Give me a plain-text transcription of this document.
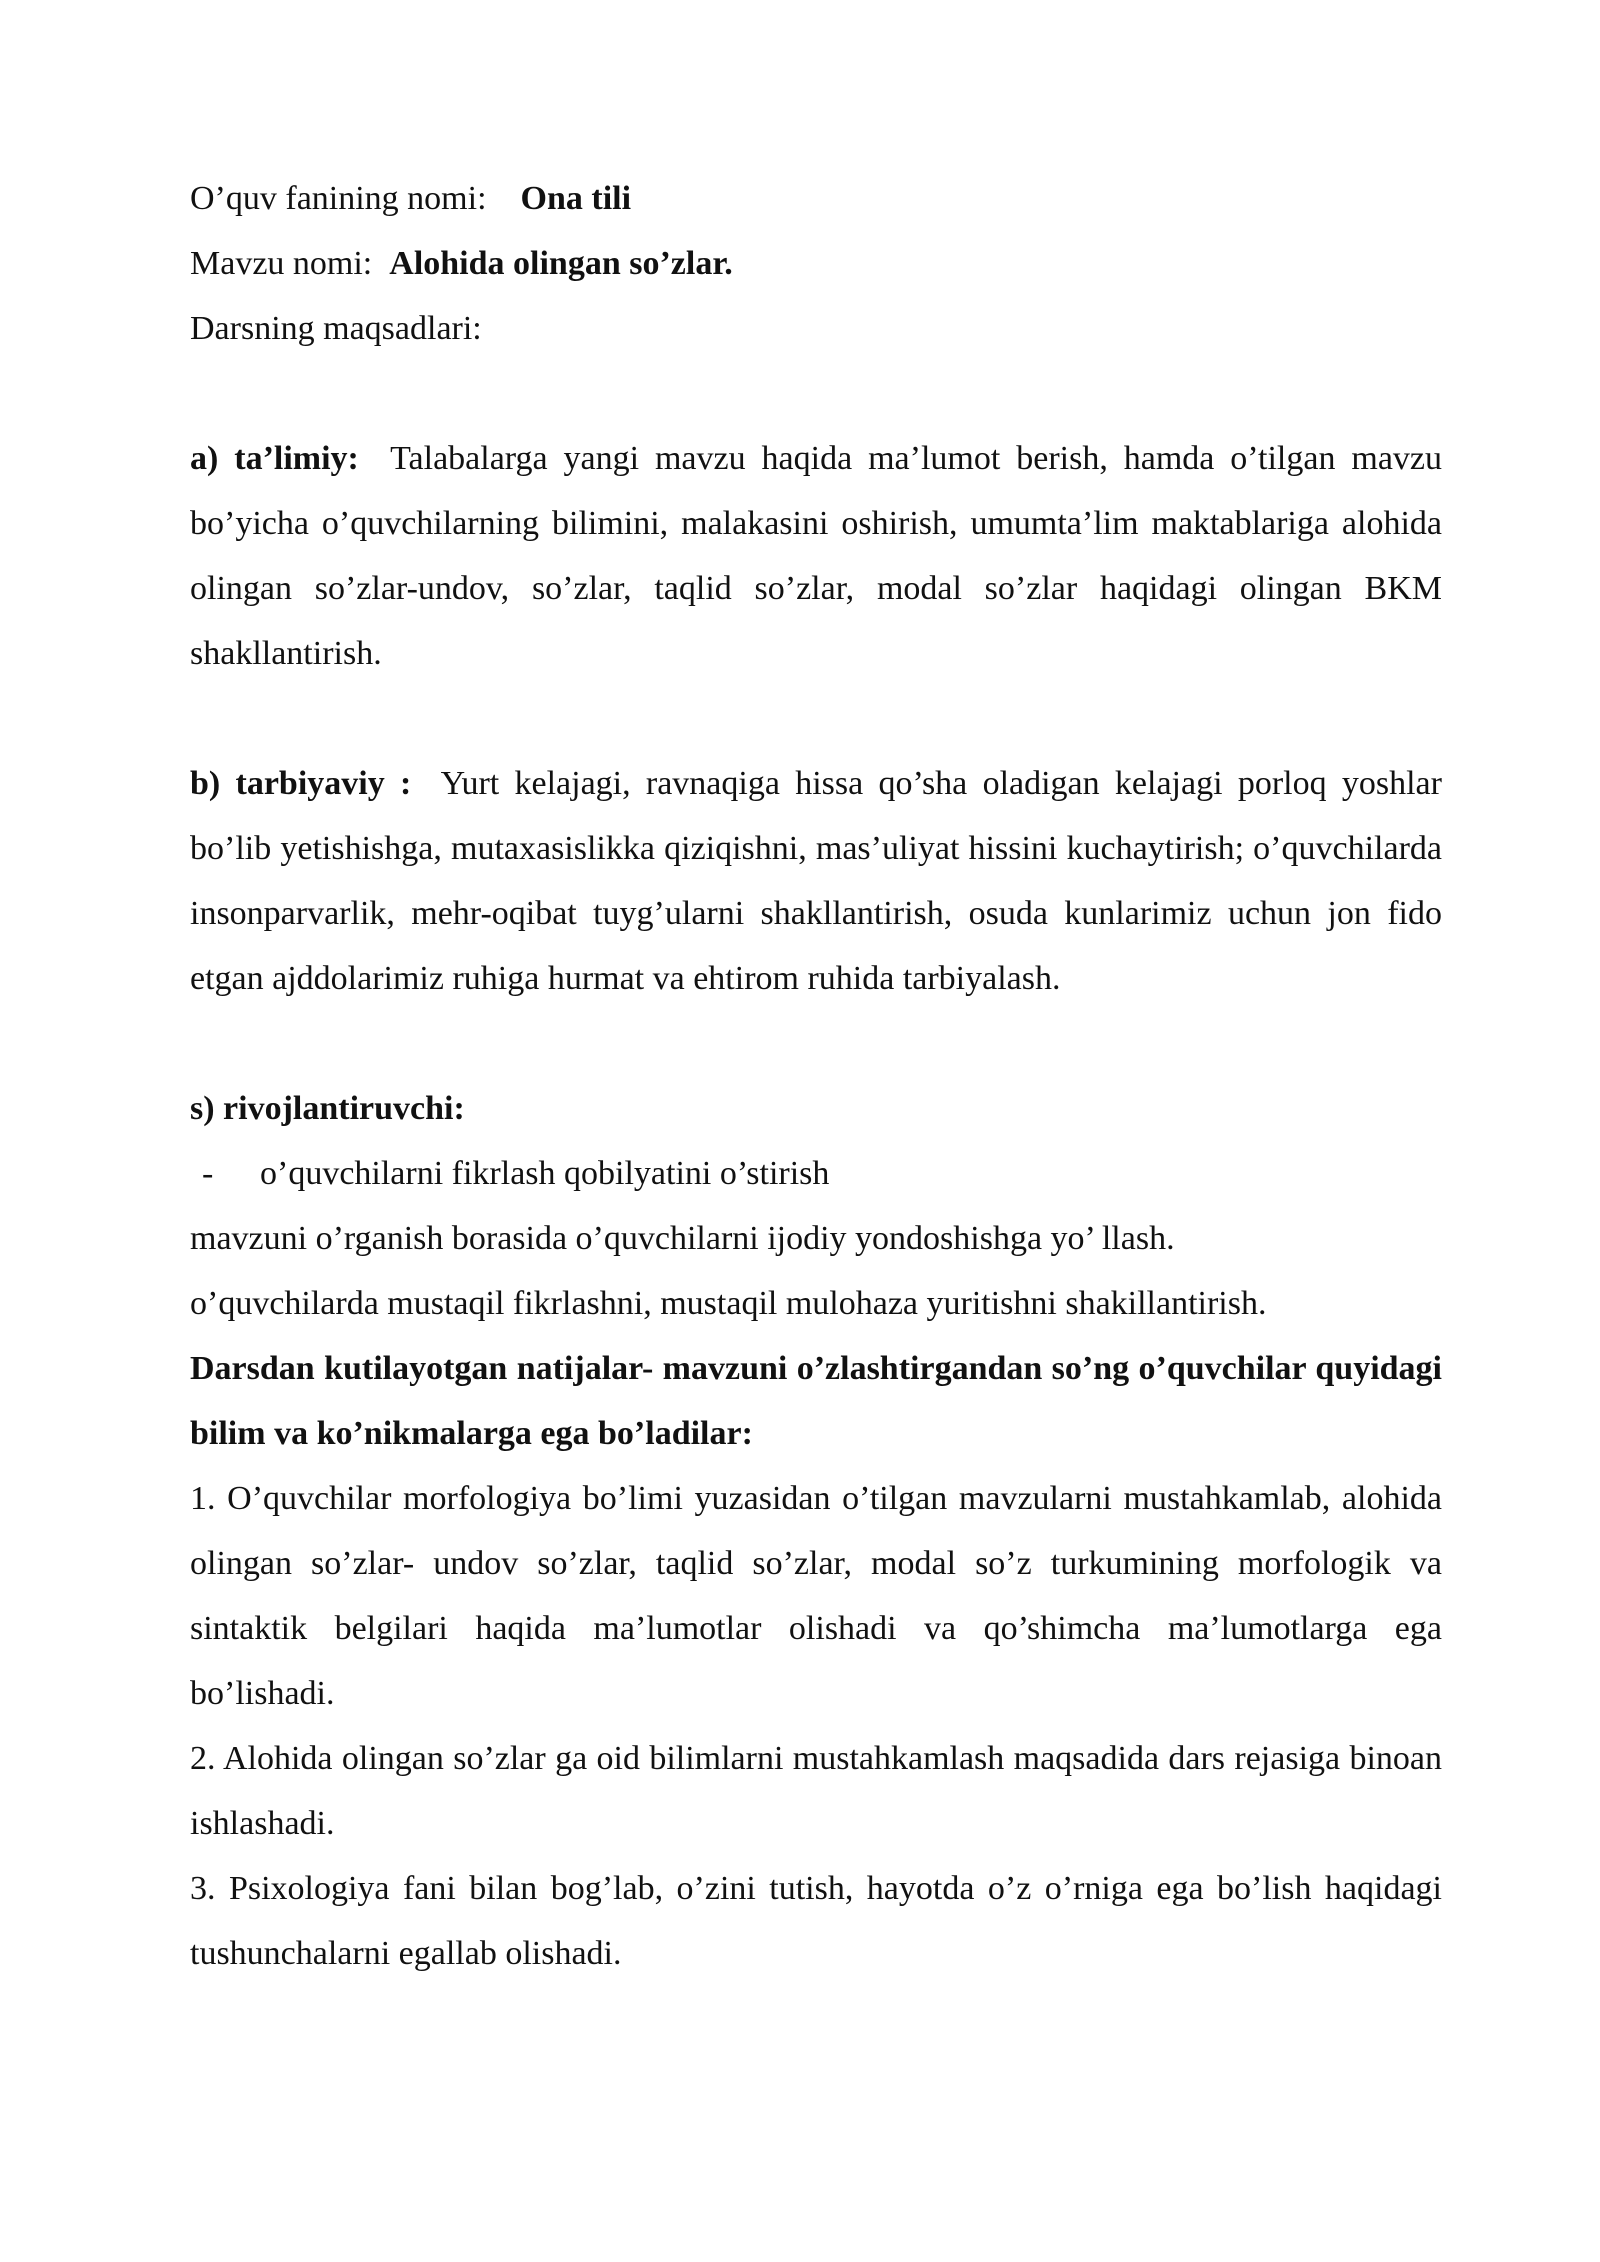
O’quv fanining nomi: Ona tili
Mavzu nomi: Alohida olingan so’zlar.
Darsning maqsadlari:
a) ta’limiy: Talabalarga yangi mavzu haqida ma’lumot berish, hamda o’tilgan mavzu bo’yicha o’quvchilarning bilimini, malakasini oshirish, umumta’lim maktablariga alohida olingan so’zlar-undov, so’zlar, taqlid so’zlar, modal so’zlar haqidagi olingan BKM shakllantirish.
b) tarbiyaviy : Yurt kelajagi, ravnaqiga hissa qo’sha oladigan kelajagi porloq yoshlar bo’lib yetishishga, mutaxasislikka qiziqishni, mas’uliyat hissini kuchaytirish; o’quvchilarda insonparvarlik, mehr-oqibat tuyg’ularni shakllantirish, osuda kunlarimiz uchun jon fido etgan ajddolarimiz ruhiga hurmat va ehtirom ruhida tarbiyalash.
s) rivojlantiruvchi:
- o’quvchilarni fikrlash qobilyatini o’stirish
mavzuni o’rganish borasida o’quvchilarni ijodiy yondoshishga yo’ llash.
o’quvchilarda mustaqil fikrlashni, mustaqil mulohaza yuritishni shakillantirish.
Darsdan kutilayotgan natijalar- mavzuni o’zlashtirgandan so’ng o’quvchilar quyidagi bilim va ko’nikmalarga ega bo’ladilar:
1. O’quvchilar morfologiya bo’limi yuzasidan o’tilgan mavzularni mustahkamlab, alohida olingan so’zlar- undov so’zlar, taqlid so’zlar, modal so’z turkumining morfologik va sintaktik belgilari haqida ma’lumotlar olishadi va qo’shimcha ma’lumotlarga ega bo’lishadi.
2. Alohida olingan so’zlar ga oid bilimlarni mustahkamlash maqsadida dars rejasiga binoan ishlashadi.
3. Psixologiya fani bilan bog’lab, o’zini tutish, hayotda o’z o’rniga ega bo’lish haqidagi tushunchalarni egallab olishadi.
